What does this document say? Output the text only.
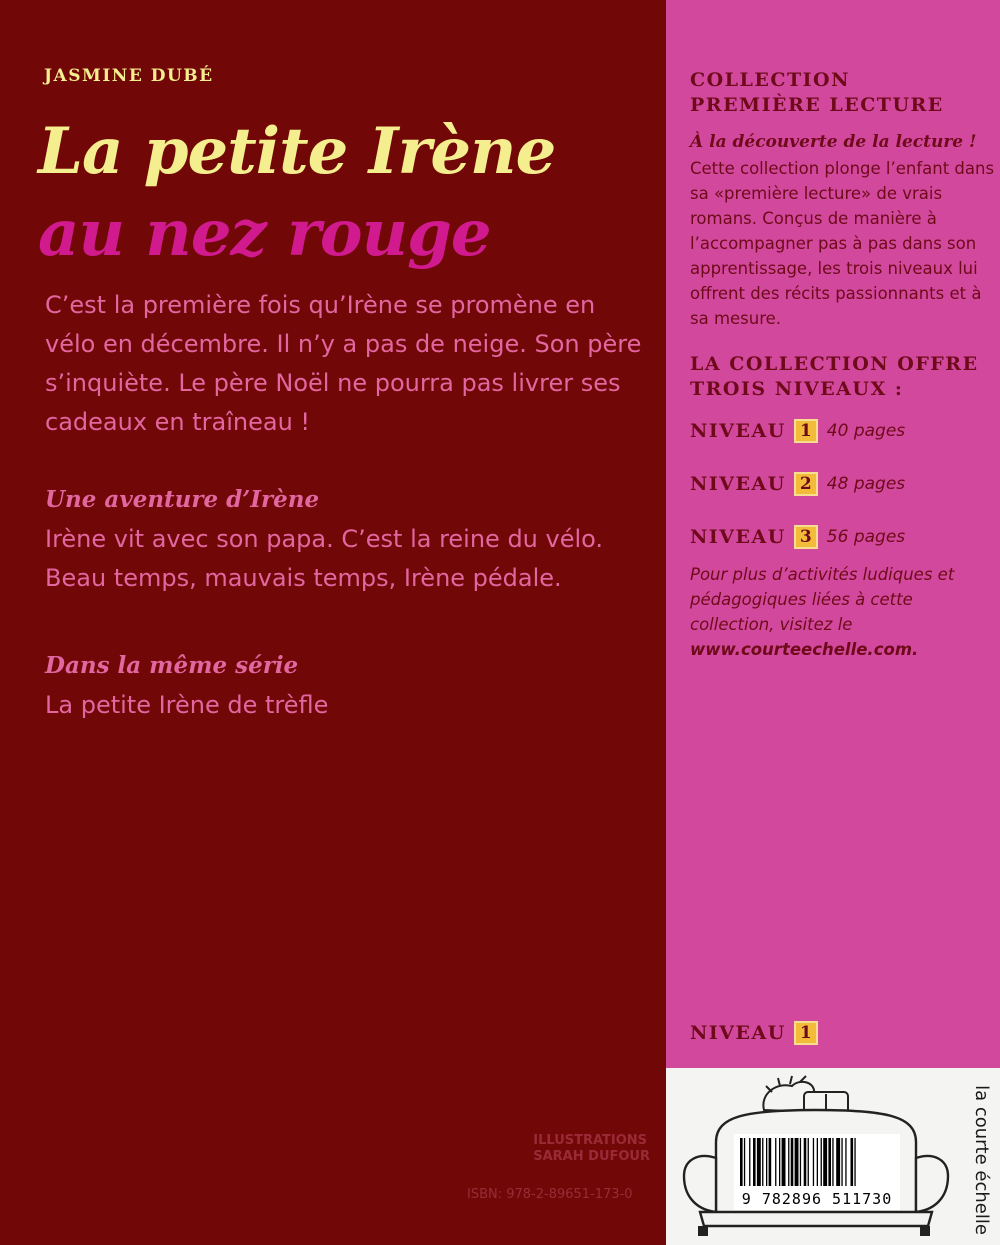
JASMINE DUBÉ
La petite Irène
au nez rouge

C’est la première fois qu’Irène se promène en vélo en décembre. Il n’y a pas de neige. Son père s’inquiète. Le père Noël ne pourra pas livrer ses cadeaux en traîneau !

Une aventure d’Irène

Irène vit avec son papa. C’est la reine du vélo. Beau temps, mauvais temps, Irène pédale.

Dans la même série

La petite Irène de trèfle

ILLUSTRATIONS
SARAH DUFOUR
ISBN: 978-2-89651-173-0
COLLECTION
PREMIÈRE LECTURE

À la découverte de la lecture !

Cette collection plonge l’enfant dans sa «première lecture» de vrais romans. Conçus de manière à l’accompagner pas à pas dans son apprentissage, les trois niveaux lui offrent des récits passionnants et à sa mesure.

LA COLLECTION OFFRE
TROIS NIVEAUX :
NIVEAU 1 40 pages
NIVEAU 2 48 pages
NIVEAU 3 56 pages

Pour plus d’activités ludiques et pédagogiques liées à cette collection, visitez le
www.courteechelle.com.

NIVEAU 1
9 782896 511730	la courte échelle
